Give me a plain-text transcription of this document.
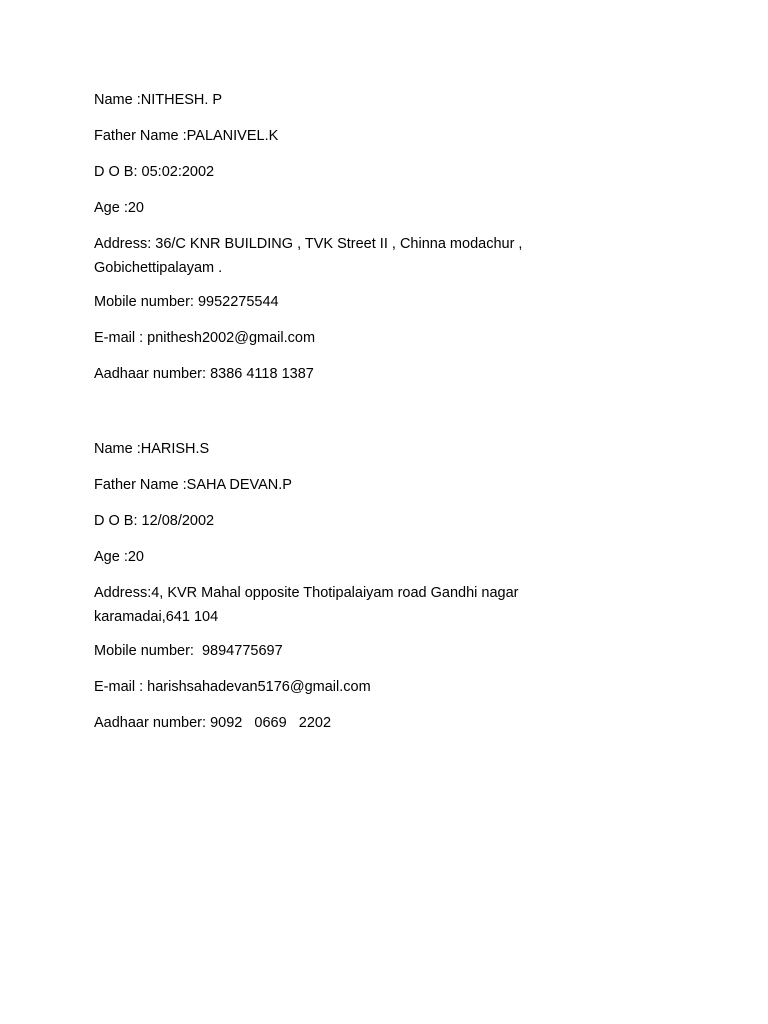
Name :NITHESH. P
Father Name :PALANIVEL.K
D O B: 05:02:2002
Age :20
Address: 36/C KNR BUILDING , TVK Street II , Chinna modachur ,
Gobichettipalayam .
Mobile number: 9952275544
E-mail : pnithesh2002@gmail.com
Aadhaar number: 8386 4118 1387
Name :HARISH.S
Father Name :SAHA DEVAN.P
D O B: 12/08/2002
Age :20
Address:4, KVR Mahal opposite Thotipalaiyam road Gandhi nagar
karamadai,641 104
Mobile number:  9894775697
E-mail : harishsahadevan5176@gmail.com
Aadhaar number: 9092   0669   2202
